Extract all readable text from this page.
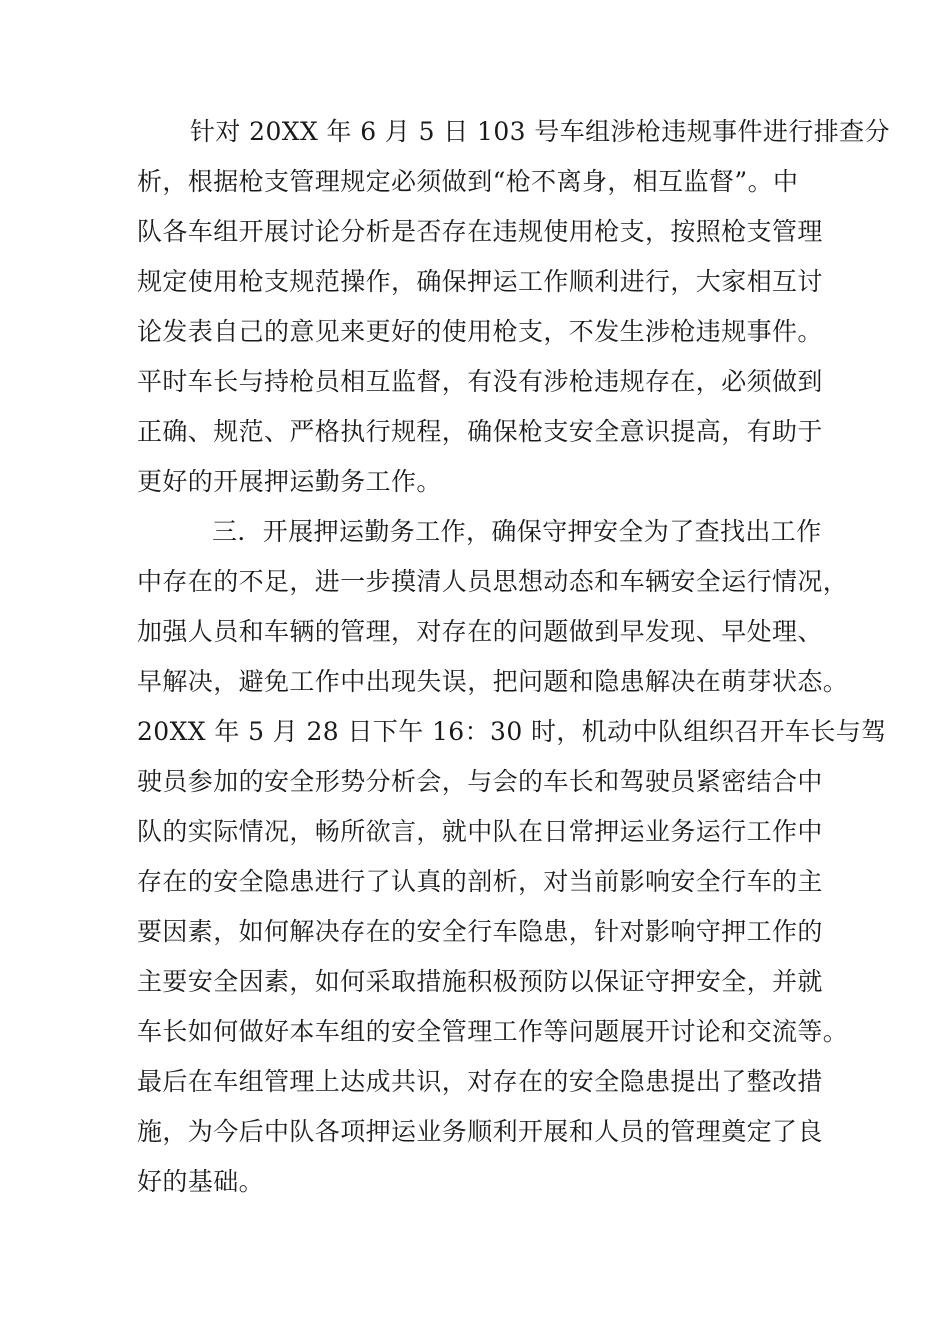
针对 20XX 年 6 月 5 日 103 号车组涉枪违规事件进行排查分
析，根据枪支管理规定必须做到“枪不离身，相互监督”。中
队各车组开展讨论分析是否存在违规使用枪支，按照枪支管理
规定使用枪支规范操作，确保押运工作顺利进行，大家相互讨
论发表自己的意见来更好的使用枪支，不发生涉枪违规事件。
平时车长与持枪员相互监督，有没有涉枪违规存在，必须做到
正确、规范、严格执行规程，确保枪支安全意识提高，有助于
更好的开展押运勤务工作。
三．开展押运勤务工作，确保守押安全为了查找出工作
中存在的不足，进一步摸清人员思想动态和车辆安全运行情况，
加强人员和车辆的管理，对存在的问题做到早发现、早处理、
早解决，避免工作中出现失误，把问题和隐患解决在萌芽状态。
20XX 年 5 月 28 日下午 16：30 时，机动中队组织召开车长与驾
驶员参加的安全形势分析会，与会的车长和驾驶员紧密结合中
队的实际情况，畅所欲言，就中队在日常押运业务运行工作中
存在的安全隐患进行了认真的剖析，对当前影响安全行车的主
要因素，如何解决存在的安全行车隐患，针对影响守押工作的
主要安全因素，如何采取措施积极预防以保证守押安全，并就
车长如何做好本车组的安全管理工作等问题展开讨论和交流等。
最后在车组管理上达成共识，对存在的安全隐患提出了整改措
施，为今后中队各项押运业务顺利开展和人员的管理奠定了良
好的基础。
